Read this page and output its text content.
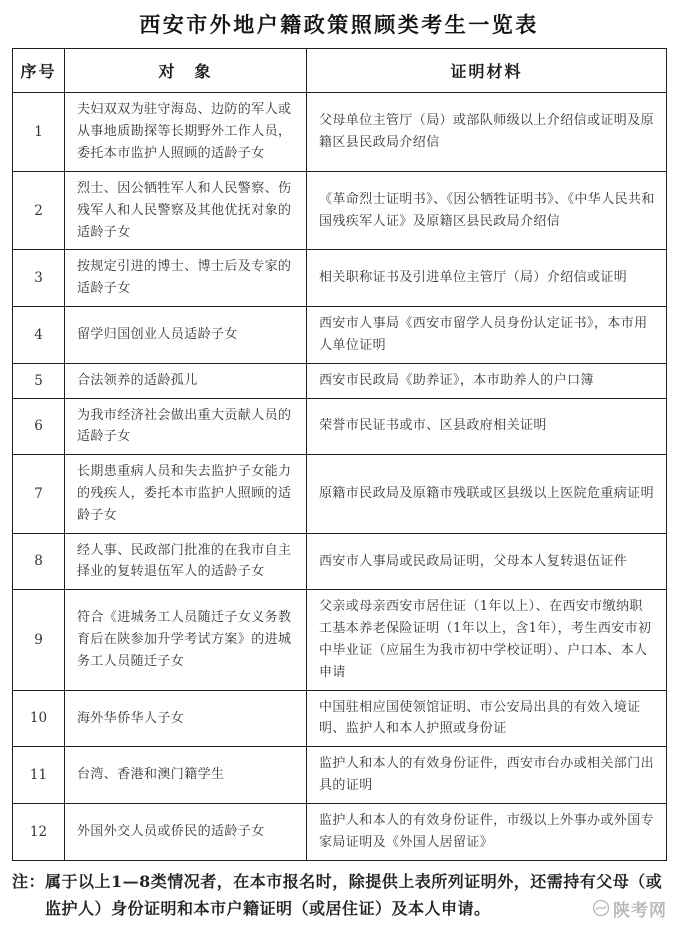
西安市外地户籍政策照顾类考生一览表
序号	对　象	证明材料
1	夫妇双双为驻守海岛、边防的军人或从事地质勘探等长期野外工作人员，委托本市监护人照顾的适龄子女	父母单位主管厅（局）或部队师级以上介绍信或证明及原籍区县民政局介绍信
2	烈士、因公牺牲军人和人民警察、伤残军人和人民警察及其他优抚对象的适龄子女	《革命烈士证明书》、《因公牺牲证明书》、《中华人民共和国残疾军人证》及原籍区县民政局介绍信
3	按规定引进的博士、博士后及专家的适龄子女	相关职称证书及引进单位主管厅（局）介绍信或证明
4	留学归国创业人员适龄子女	西安市人事局《西安市留学人员身份认定证书》，本市用人单位证明
5	合法领养的适龄孤儿	西安市民政局《助养证》，本市助养人的户口簿
6	为我市经济社会做出重大贡献人员的适龄子女	荣誉市民证书或市、区县政府相关证明
7	长期患重病人员和失去监护子女能力的残疾人，委托本市监护人照顾的适龄子女	原籍市民政局及原籍市残联或区县级以上医院危重病证明
8	经人事、民政部门批准的在我市自主择业的复转退伍军人的适龄子女	西安市人事局或民政局证明，父母本人复转退伍证件
9	符合《进城务工人员随迁子女义务教育后在陕参加升学考试方案》的进城务工人员随迁子女	父亲或母亲西安市居住证（1年以上）、在西安市缴纳职工基本养老保险证明（1年以上，含1年），考生西安市初中毕业证（应届生为我市初中学校证明）、户口本、本人申请
10	海外华侨华人子女	中国驻相应国使领馆证明、市公安局出具的有效入境证明、监护人和本人护照或身份证
11	台湾、香港和澳门籍学生	监护人和本人的有效身份证件，西安市台办或相关部门出具的证明
12	外国外交人员或侨民的适龄子女	监护人和本人的有效身份证件，市级以上外事办或外国专家局证明及《外国人居留证》
注： 属于以上1—8类情况者，在本市报名时，除提供上表所列证明外，还需持有父母（或监护人）身份证明和本市户籍证明（或居住证）及本人申请。	陕考网
